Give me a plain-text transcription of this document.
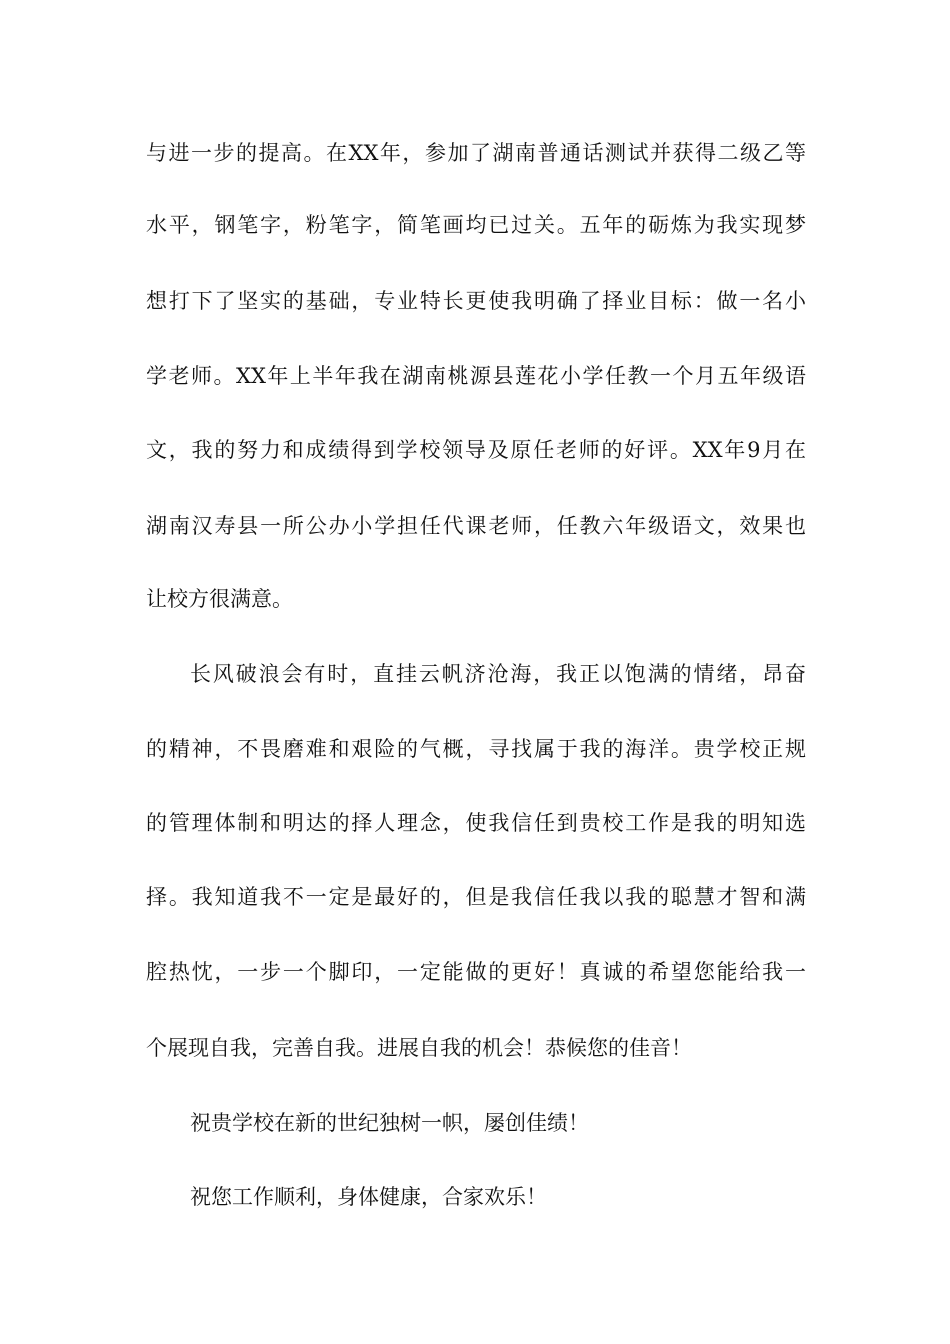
与进一步的提高。在XX年，参加了湖南普通话测试并获得二级乙等
水平，钢笔字，粉笔字，简笔画均已过关。五年的砺炼为我实现梦
想打下了坚实的基础，专业特长更使我明确了择业目标：做一名小
学老师。XX年上半年我在湖南桃源县莲花小学任教一个月五年级语
文，我的努力和成绩得到学校领导及原任老师的好评。XX年9月在
湖南汉寿县一所公办小学担任代课老师，任教六年级语文，效果也
让校方很满意。
长风破浪会有时，直挂云帆济沧海，我正以饱满的情绪，昂奋
的精神，不畏磨难和艰险的气概，寻找属于我的海洋。贵学校正规
的管理体制和明达的择人理念，使我信任到贵校工作是我的明知选
择。我知道我不一定是最好的，但是我信任我以我的聪慧才智和满
腔热忱，一步一个脚印，一定能做的更好！真诚的希望您能给我一
个展现自我，完善自我。进展自我的机会！恭候您的佳音！
祝贵学校在新的世纪独树一帜，屡创佳绩！
祝您工作顺利，身体健康，合家欢乐！
